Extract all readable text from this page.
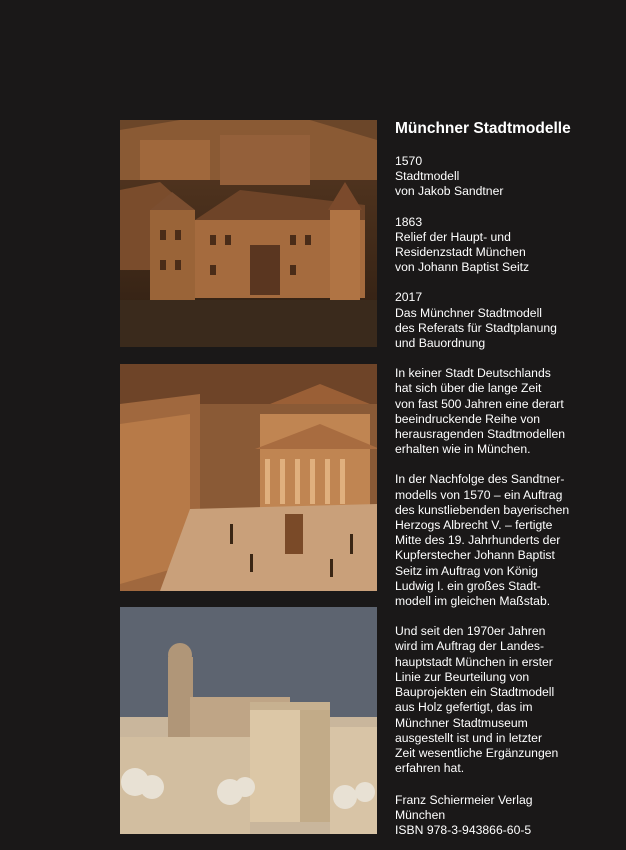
Münchner Stadtmodelle
1570
Stadtmodell
von Jakob Sandtner
1863
Relief der Haupt- und
Residenzstadt München
von Johann Baptist Seitz
2017
Das Münchner Stadtmodell
des Referats für Stadtplanung
und Bauordnung
In keiner Stadt Deutschlands
hat sich über die lange Zeit
von fast 500 Jahren eine derart
beeindruckende Reihe von
herausragenden Stadtmodellen
erhalten wie in München.
In der Nachfolge des Sandtner-
modells von 1570 – ein Auftrag
des kunstliebenden bayerischen
Herzogs Albrecht V. – fertigte
Mitte des 19. Jahrhunderts der
Kupferstecher Johann Baptist
Seitz im Auftrag von König
Ludwig I. ein großes Stadt-
modell im gleichen Maßstab.
Und seit den 1970er Jahren
wird im Auftrag der Landes-
hauptstadt München in erster
Linie zur Beurteilung von
Bauprojekten ein Stadtmodell
aus Holz gefertigt, das im
Münchner Stadtmuseum
ausgestellt ist und in letzter
Zeit wesentliche Ergänzungen
erfahren hat.
Franz Schiermeier Verlag
München
ISBN 978-3-943866-60-5
